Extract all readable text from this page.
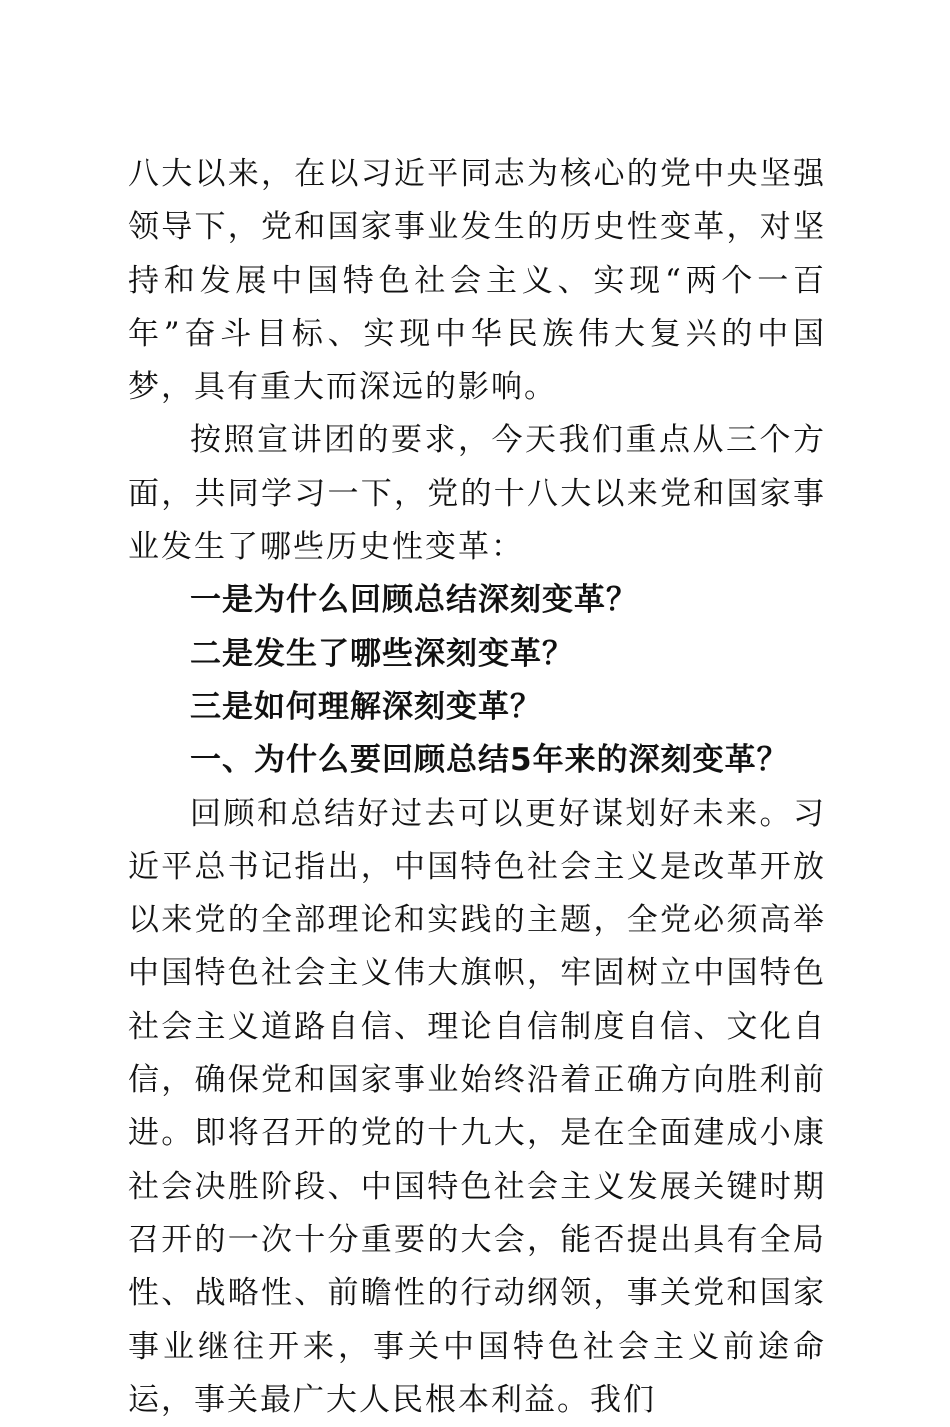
八大以来，在以习近平同志为核心的党中央坚强领导下，党和国家事业发生的历史性变革，对坚持和发展中国特色社会主义、实现“两个一百年”奋斗目标、实现中华民族伟大复兴的中国梦，具有重大而深远的影响。

按照宣讲团的要求，今天我们重点从三个方面，共同学习一下，党的十八大以来党和国家事业发生了哪些历史性变革：

一是为什么回顾总结深刻变革？

二是发生了哪些深刻变革？

三是如何理解深刻变革？

一、为什么要回顾总结5年来的深刻变革？

回顾和总结好过去可以更好谋划好未来。习近平总书记指出，中国特色社会主义是改革开放以来党的全部理论和实践的主题，全党必须高举中国特色社会主义伟大旗帜，牢固树立中国特色社会主义道路自信、理论自信制度自信、文化自信，确保党和国家事业始终沿着正确方向胜利前进。即将召开的党的十九大，是在全面建成小康社会决胜阶段、中国特色社会主义发展关键时期召开的一次十分重要的大会，能否提出具有全局性、战略性、前瞻性的行动纲领，事关党和国家事业继往开来，事关中国特色社会主义前途命运，事关最广大人民根本利益。我们
